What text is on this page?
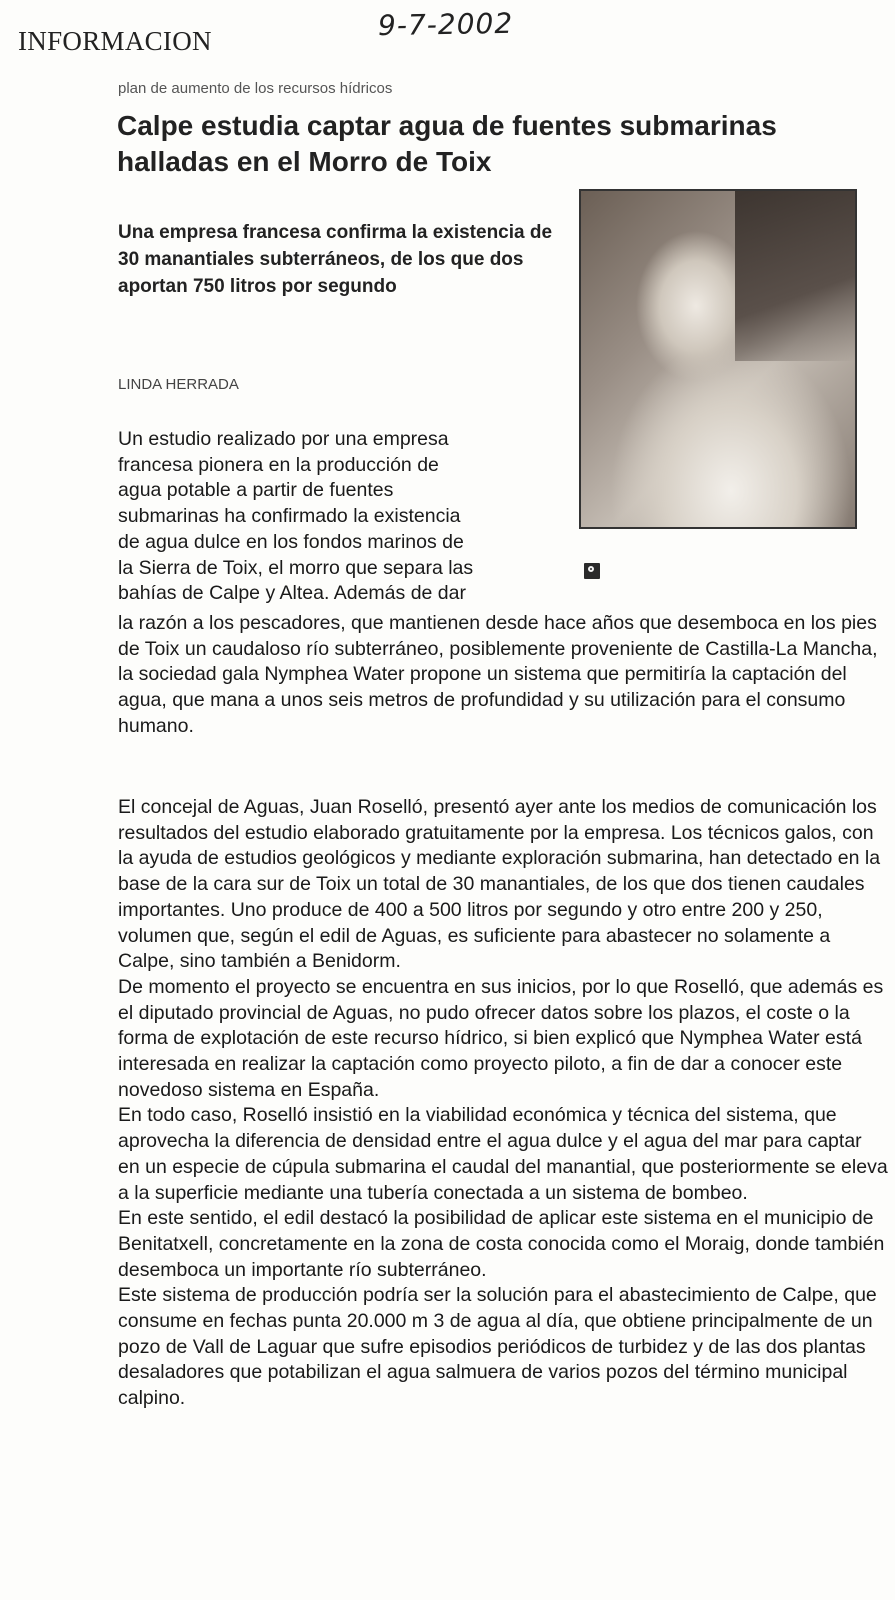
INFORMACION	9-7-2002
plan de aumento de los recursos hídricos
Calpe estudia captar agua de fuentes submarinas halladas en el Morro de Toix
Una empresa francesa confirma la existencia de 30 manantiales subterráneos, de los que dos aportan 750 litros por segundo
LINDA HERRADA
Un estudio realizado por una empresa
francesa pionera en la producción de
agua potable a partir de fuentes
submarinas ha confirmado la existencia
de agua dulce en los fondos marinos de
la Sierra de Toix, el morro que separa las
bahías de Calpe y Altea. Además de dar
la razón a los pescadores, que mantienen desde hace años que desemboca en los pies de Toix un caudaloso río subterráneo, posiblemente proveniente de Castilla-La Mancha, la sociedad gala Nymphea Water propone un sistema que permitiría la captación del agua, que mana a unos seis metros de profundidad y su utilización para el consumo humano.

El concejal de Aguas, Juan Roselló, presentó ayer ante los medios de comunicación los resultados del estudio elaborado gratuitamente por la empresa. Los técnicos galos, con la ayuda de estudios geológicos y mediante exploración submarina, han detectado en la base de la cara sur de Toix un total de 30 manantiales, de los que dos tienen caudales importantes. Uno produce de 400 a 500 litros por segundo y otro entre 200 y 250, volumen que, según el edil de Aguas, es suficiente para abastecer no solamente a Calpe, sino también a Benidorm.

De momento el proyecto se encuentra en sus inicios, por lo que Roselló, que además es el diputado provincial de Aguas, no pudo ofrecer datos sobre los plazos, el coste o la forma de explotación de este recurso hídrico, si bien explicó que Nymphea Water está interesada en realizar la captación como proyecto piloto, a fin de dar a conocer este novedoso sistema en España.

En todo caso, Roselló insistió en la viabilidad económica y técnica del sistema, que aprovecha la diferencia de densidad entre el agua dulce y el agua del mar para captar en un especie de cúpula submarina el caudal del manantial, que posteriormente se eleva a la superficie mediante una tubería conectada a un sistema de bombeo.

En este sentido, el edil destacó la posibilidad de aplicar este sistema en el municipio de Benitatxell, concretamente en la zona de costa conocida como el Moraig, donde también desemboca un importante río subterráneo.

Este sistema de producción podría ser la solución para el abastecimiento de Calpe, que consume en fechas punta 20.000 m 3 de agua al día, que obtiene principalmente de un pozo de Vall de Laguar que sufre episodios periódicos de turbidez y de las dos plantas desaladores que potabilizan el agua salmuera de varios pozos del término municipal calpino.
